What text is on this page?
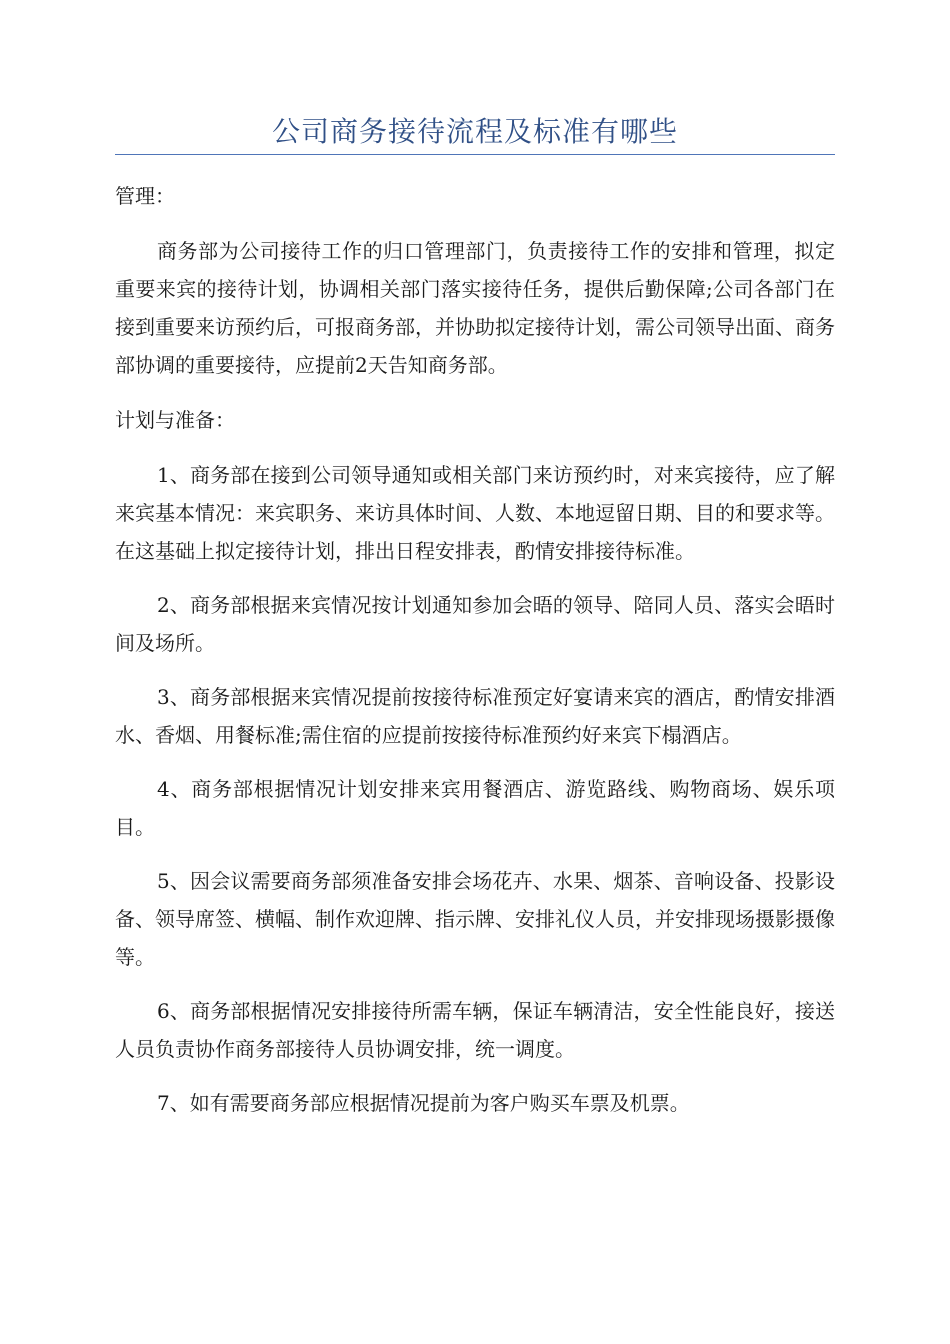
公司商务接待流程及标准有哪些
管理：

商务部为公司接待工作的归口管理部门，负责接待工作的安排和管理，拟定重要来宾的接待计划，协调相关部门落实接待任务，提供后勤保障;公司各部门在接到重要来访预约后，可报商务部，并协助拟定接待计划，需公司领导出面、商务部协调的重要接待，应提前2天告知商务部。

计划与准备：

1、商务部在接到公司领导通知或相关部门来访预约时，对来宾接待，应了解来宾基本情况：来宾职务、来访具体时间、人数、本地逗留日期、目的和要求等。在这基础上拟定接待计划，排出日程安排表，酌情安排接待标准。

2、商务部根据来宾情况按计划通知参加会晤的领导、陪同人员、落实会晤时间及场所。

3、商务部根据来宾情况提前按接待标准预定好宴请来宾的酒店，酌情安排酒水、香烟、用餐标准;需住宿的应提前按接待标准预约好来宾下榻酒店。

4、商务部根据情况计划安排来宾用餐酒店、游览路线、购物商场、娱乐项目。

5、因会议需要商务部须准备安排会场花卉、水果、烟茶、音响设备、投影设备、领导席签、横幅、制作欢迎牌、指示牌、安排礼仪人员，并安排现场摄影摄像等。

6、商务部根据情况安排接待所需车辆，保证车辆清洁，安全性能良好，接送人员负责协作商务部接待人员协调安排，统一调度。

7、如有需要商务部应根据情况提前为客户购买车票及机票。
